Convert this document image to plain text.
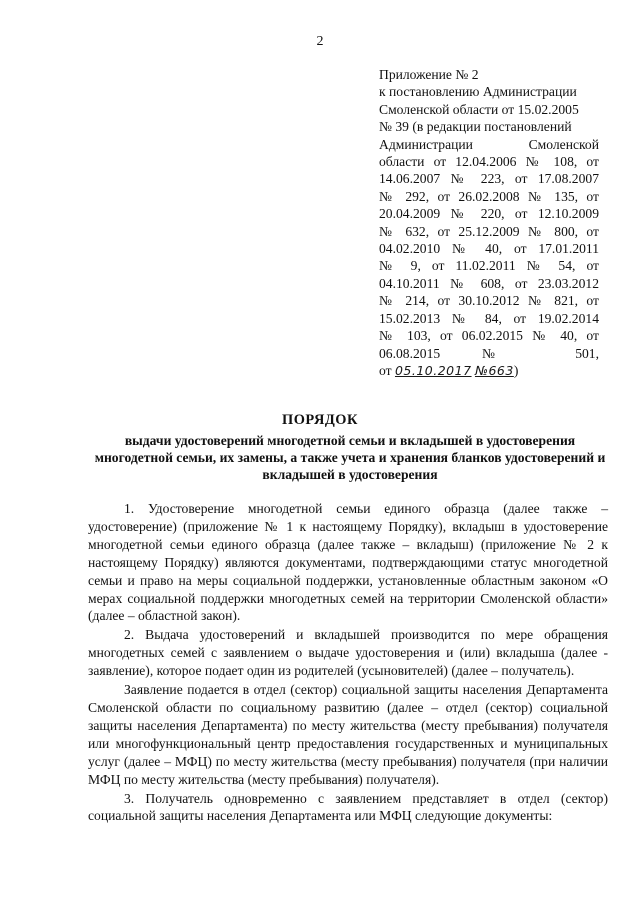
2
Приложение № 2
к постановлению Администрации
Смоленской области от 15.02.2005
№ 39 (в редакции постановлений
Администрации Смоленской
области от 12.04.2006 № 108, от
14.06.2007 № 223, от 17.08.2007
№ 292, от 26.02.2008 № 135, от
20.04.2009 № 220, от 12.10.2009
№ 632, от 25.12.2009 № 800, от
04.02.2010 № 40, от 17.01.2011
№ 9, от 11.02.2011 № 54, от
04.10.2011 № 608, от 23.03.2012
№ 214, от 30.10.2012 № 821, от
15.02.2013 № 84, от 19.02.2014
№ 103, от 06.02.2015 № 40, от
06.08.2015 № 501,
от 05.10.2017 №663)
ПОРЯДОК
выдачи удостоверений многодетной семьи и вкладышей в удостоверения многодетной семьи, их замены, а также учета и хранения бланков удостоверений и вкладышей в удостоверения

1. Удостоверение многодетной семьи единого образца (далее также – удостоверение) (приложение № 1 к настоящему Порядку), вкладыш в удостоверение многодетной семьи единого образца (далее также – вкладыш) (приложение № 2 к настоящему Порядку) являются документами, подтверждающими статус многодетной семьи и право на меры социальной поддержки, установленные областным законом «О мерах социальной поддержки многодетных семей на территории Смоленской области» (далее – областной закон).

2. Выдача удостоверений и вкладышей производится по мере обращения многодетных семей с заявлением о выдаче удостоверения и (или) вкладыша (далее - заявление), которое подает один из родителей (усыновителей) (далее – получатель).

Заявление подается в отдел (сектор) социальной защиты населения Департамента Смоленской области по социальному развитию (далее – отдел (сектор) социальной защиты населения Департамента) по месту жительства (месту пребывания) получателя или многофункциональный центр предоставления государственных и муниципальных услуг (далее – МФЦ) по месту жительства (месту пребывания) получателя (при наличии МФЦ по месту жительства (месту пребывания) получателя).

3. Получатель одновременно с заявлением представляет в отдел (сектор) социальной защиты населения Департамента или МФЦ следующие документы:
